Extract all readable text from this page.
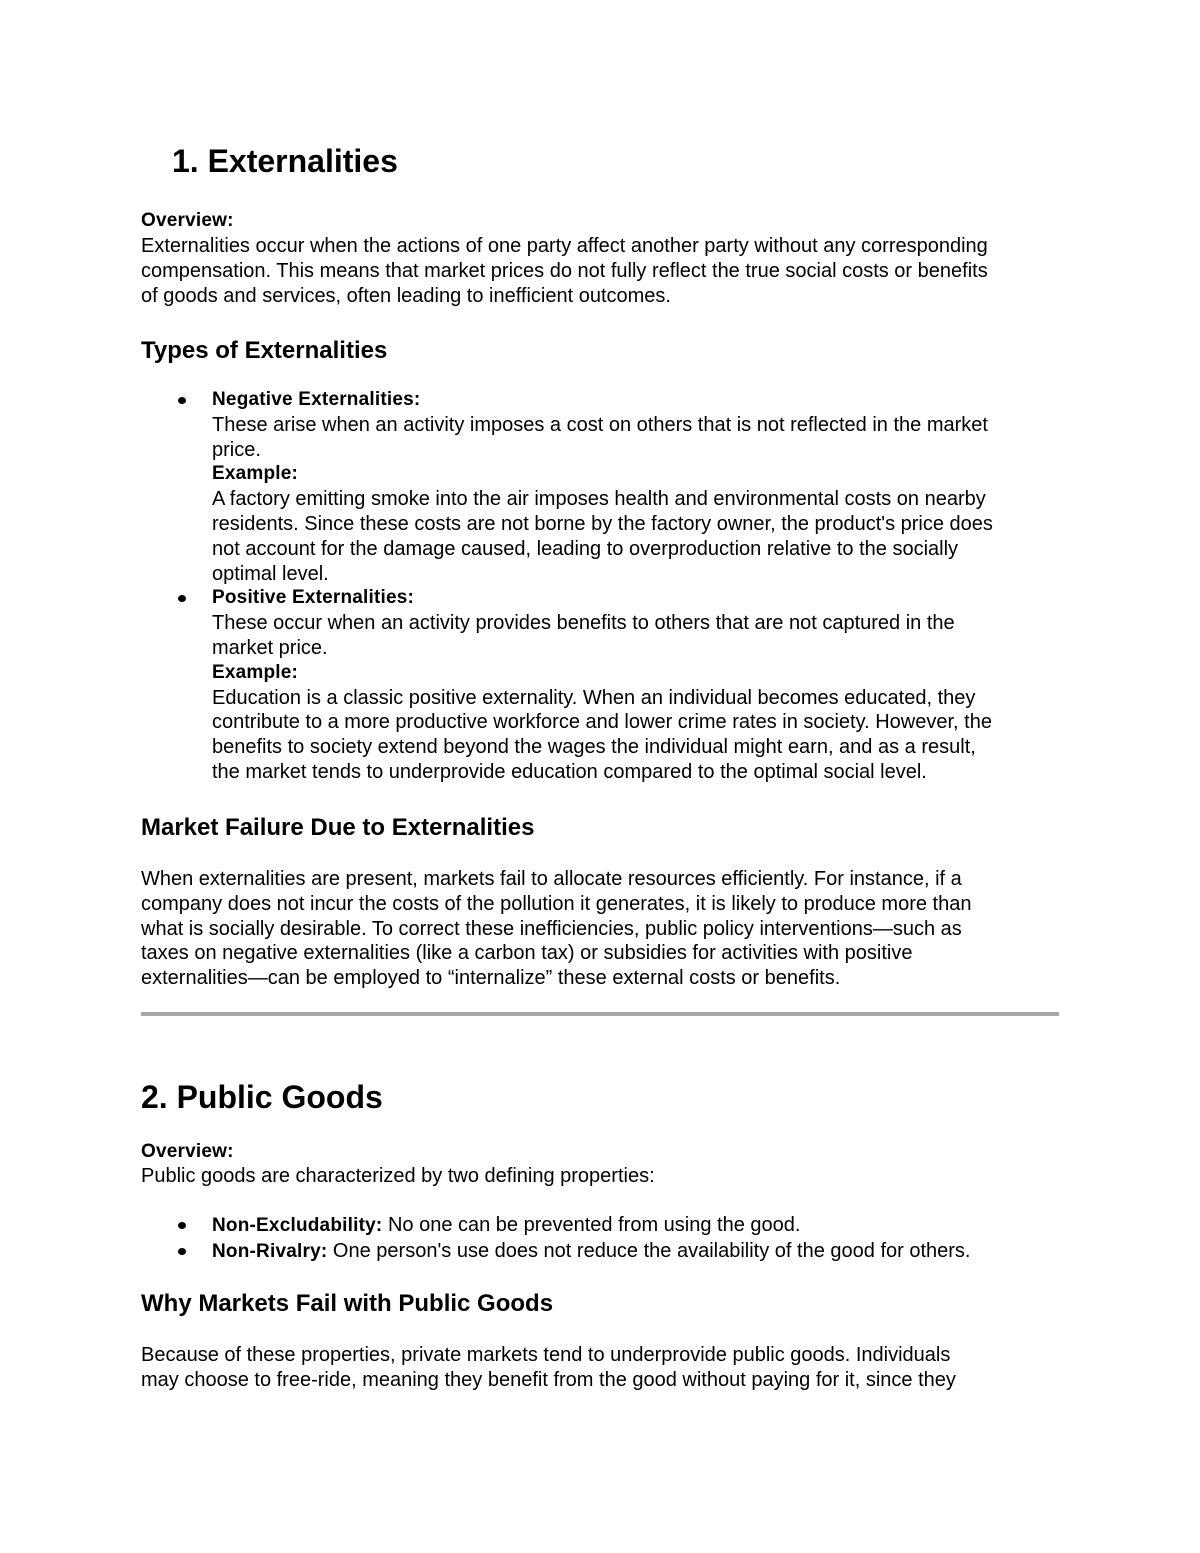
1. Externalities
Overview:

Externalities occur when the actions of one party affect another party without any corresponding

compensation. This means that market prices do not fully reflect the true social costs or benefits

of goods and services, often leading to inefficient outcomes.

Types of Externalities

Negative Externalities:

These arise when an activity imposes a cost on others that is not reflected in the market

price.

Example:

A factory emitting smoke into the air imposes health and environmental costs on nearby

residents. Since these costs are not borne by the factory owner, the product's price does

not account for the damage caused, leading to overproduction relative to the socially

optimal level.

Positive Externalities:

These occur when an activity provides benefits to others that are not captured in the

market price.

Example:

Education is a classic positive externality. When an individual becomes educated, they

contribute to a more productive workforce and lower crime rates in society. However, the

benefits to society extend beyond the wages the individual might earn, and as a result,

the market tends to underprovide education compared to the optimal social level.

Market Failure Due to Externalities

When externalities are present, markets fail to allocate resources efficiently. For instance, if a

company does not incur the costs of the pollution it generates, it is likely to produce more than

what is socially desirable. To correct these inefficiencies, public policy interventions—such as

taxes on negative externalities (like a carbon tax) or subsidies for activities with positive

externalities—can be employed to “internalize” these external costs or benefits.

2. Public Goods
Overview:

Public goods are characterized by two defining properties:

Non-Excludability: No one can be prevented from using the good.

Non-Rivalry: One person's use does not reduce the availability of the good for others.

Why Markets Fail with Public Goods

Because of these properties, private markets tend to underprovide public goods. Individuals

may choose to free-ride, meaning they benefit from the good without paying for it, since they
